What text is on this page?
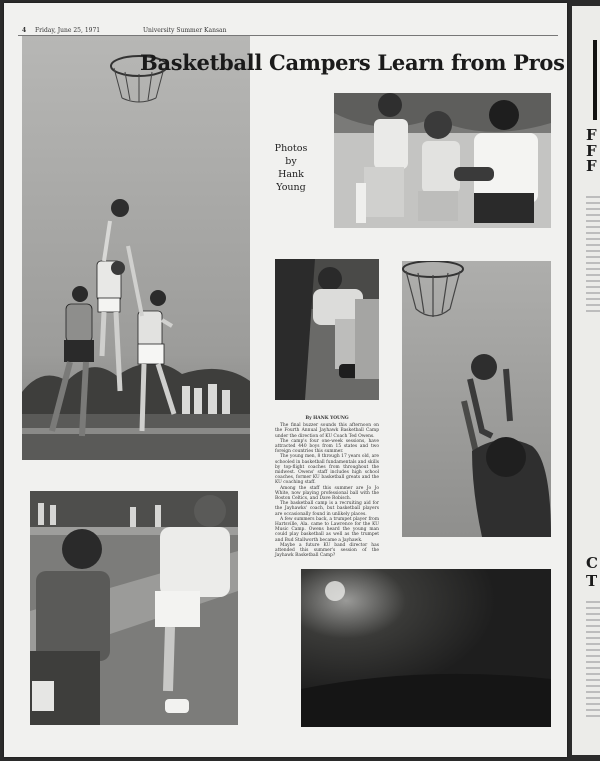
4 Friday, June 25, 1971	University Summer Kansan
Basketball Campers Learn from Pros
Photos
by
Hank Young
By HANK YOUNG

The final buzzer sounds this afternoon on the Fourth Annual Jayhawk Basketball Camp under the direction of KU Coach Ted Owens.

The camp's four one-week sessions, have attracted 440 boys from 15 states and two foreign countries this summer.

The young men, 8 through 17 years old, are schooled in basketball fundamentals and skills by top-flight coaches from throughout the midwest. Owens' staff includes high school coaches, former KU basketball greats and the KU coaching staff.

Among the staff this summer are Jo Jo White, now playing professional ball with the Boston Celtics, and Dave Robisch.

The basketball camp is a recruiting aid for the Jayhawks' coach, but basketball players are occasionally found in unlikely places.

A few summers back, a trumpet player from Hartsville, Ala. came to Lawrence for the KU Music Camp. Owens heard the young man could play basketball as well as the trumpet and Bud Stallworth became a Jayhawk.

Maybe a future KU band director has attended this summer's session of the Jayhawk Basketball Camp?

F
F
F
C
T
